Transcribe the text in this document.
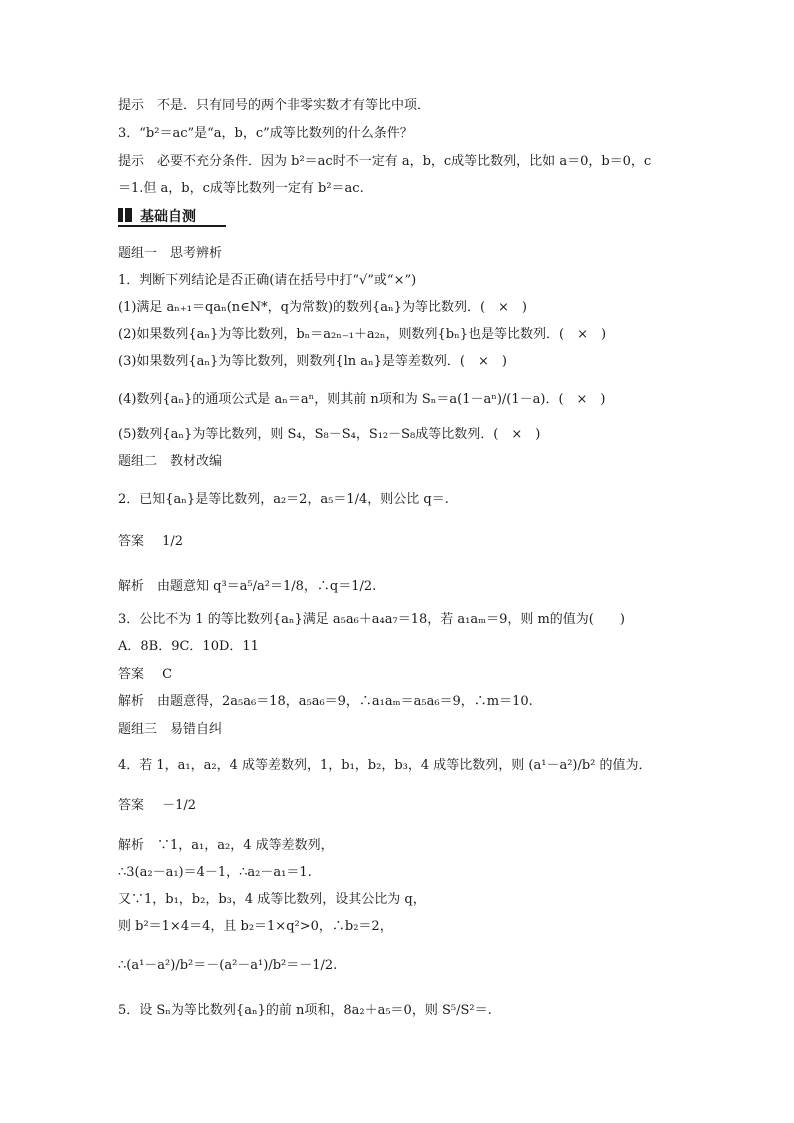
提示　不是．只有同号的两个非零实数才有等比中项．
3．“b²＝ac”是“a，b，c”成等比数列的什么条件？
提示　必要不充分条件．因为 b²＝ac时不一定有 a，b，c成等比数列，比如 a＝0，b＝0，c
＝1.但 a，b，c成等比数列一定有 b²＝ac.
基础自测
题组一　思考辨析
1．判断下列结论是否正确(请在括号中打“√”或“×”)
(1)满足 aₙ₊₁＝qaₙ(n∈N*，q为常数)的数列{aₙ}为等比数列．(　×　)
(2)如果数列{aₙ}为等比数列，bₙ＝a₂ₙ₋₁＋a₂ₙ，则数列{bₙ}也是等比数列．(　×　)
(3)如果数列{aₙ}为等比数列，则数列{ln aₙ}是等差数列．(　×　)
(4)数列{aₙ}的通项公式是 aₙ＝aⁿ，则其前 n项和为 Sₙ＝a(1－aⁿ)/(1－a)．(　×　)
(5)数列{aₙ}为等比数列，则 S₄，S₈－S₄，S₁₂－S₈成等比数列．(　×　)
题组二　教材改编
2．已知{aₙ}是等比数列，a₂＝2，a₅＝1/4，则公比 q＝.
答案 1/2
解析　由题意知 q³＝a⁵/a²＝1/8，∴q＝1/2.
3．公比不为 1 的等比数列{aₙ}满足 a₅a₆＋a₄a₇＝18，若 a₁aₘ＝9，则 m的值为(　　)
A．8B．9C．10D．11
答案 C
解析　由题意得，2a₅a₆＝18，a₅a₆＝9，∴a₁aₘ＝a₅a₆＝9，∴m＝10.
题组三　易错自纠
4．若 1，a₁，a₂，4 成等差数列，1，b₁，b₂，b₃，4 成等比数列，则 (a¹－a²)/b² 的值为．
答案 －1/2
解析　∵1，a₁，a₂，4 成等差数列，
∴3(a₂－a₁)＝4－1，∴a₂－a₁＝1.
又∵1，b₁，b₂，b₃，4 成等比数列，设其公比为 q，
则 b²＝1×4＝4，且 b₂＝1×q²>0，∴b₂＝2，
∴(a¹－a²)/b²＝－(a²－a¹)/b²＝－1/2.
5．设 Sₙ为等比数列{aₙ}的前 n项和，8a₂＋a₅＝0，则 S⁵/S²＝.
